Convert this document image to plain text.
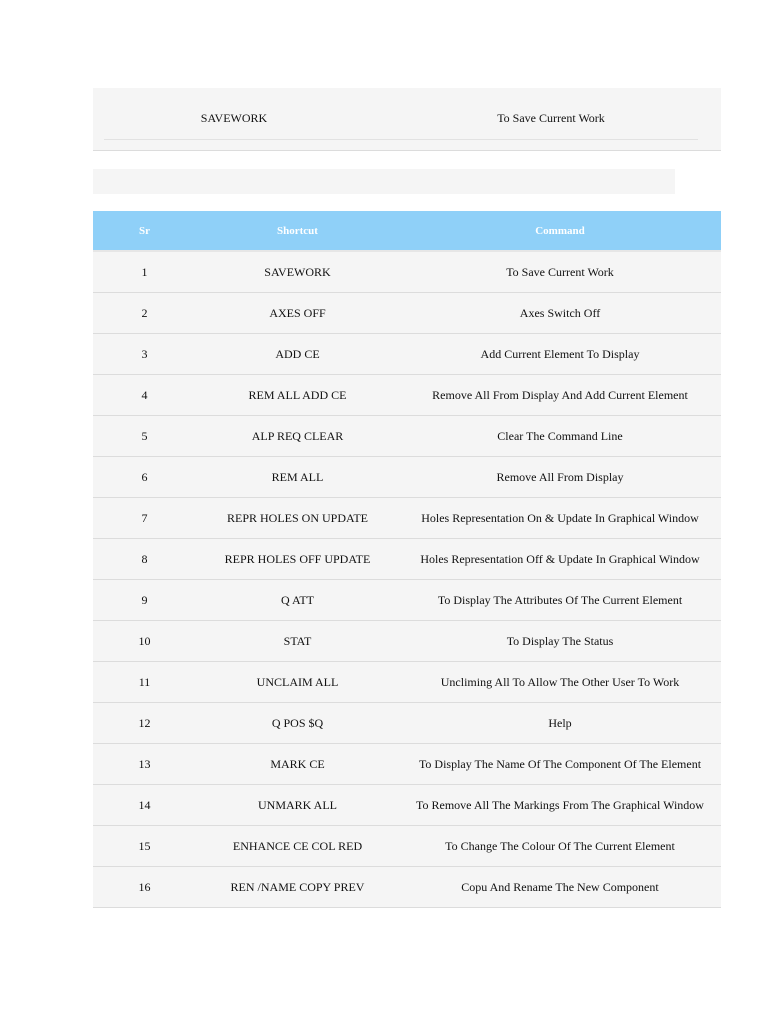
SAVEWORK	To Save Current Work
Sr	Shortcut	Command
1	SAVEWORK	To Save Current Work
2	AXES OFF	Axes Switch Off
3	ADD CE	Add Current Element To Display
4	REM ALL ADD CE	Remove All From Display And Add Current Element
5	ALP REQ CLEAR	Clear The Command Line
6	REM ALL	Remove All From Display
7	REPR HOLES ON UPDATE	Holes Representation On & Update In Graphical Window
8	REPR HOLES OFF UPDATE	Holes Representation Off & Update In Graphical Window
9	Q ATT	To Display The Attributes Of The Current Element
10	STAT	To Display The Status
11	UNCLAIM ALL	Uncliming All To Allow The Other User To Work
12	Q POS $Q	Help
13	MARK CE	To Display The Name Of The Component Of The Element
14	UNMARK ALL	To Remove All The Markings From The Graphical Window
15	ENHANCE CE COL RED	To Change The Colour Of The Current Element
16	REN /NAME COPY PREV	Copu And Rename The New Component
